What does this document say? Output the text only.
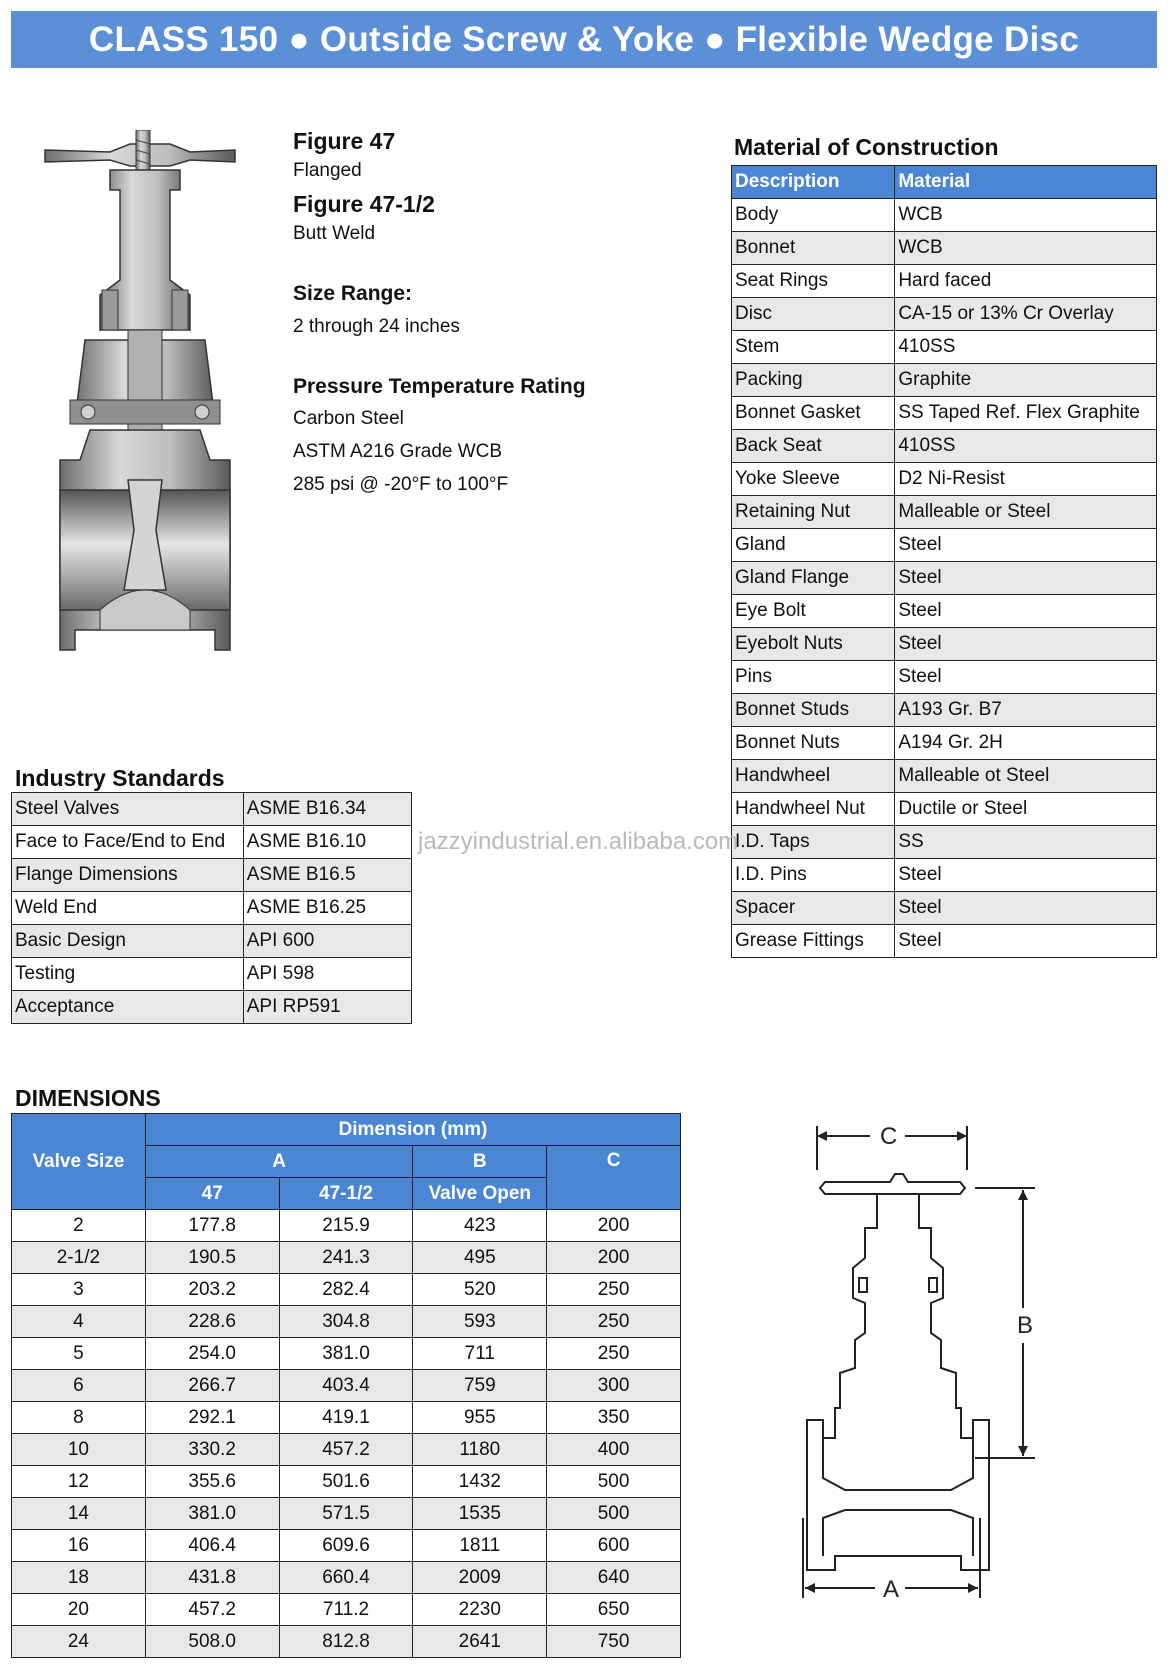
CLASS 150 ● Outside Screw & Yoke ● Flexible Wedge Disc
Figure 47
Flanged
Figure 47-1/2
Butt Weld
Size Range:
2 through 24 inches
Pressure Temperature Rating
Carbon Steel
ASTM A216 Grade WCB
285 psi @ -20°F to 100°F
Material of Construction
Description	Material
Body	WCB
Bonnet	WCB
Seat Rings	Hard faced
Disc	CA-15 or 13% Cr Overlay
Stem	410SS
Packing	Graphite
Bonnet Gasket	SS Taped Ref. Flex Graphite
Back Seat	410SS
Yoke Sleeve	D2 Ni-Resist
Retaining Nut	Malleable or Steel
Gland	Steel
Gland Flange	Steel
Eye Bolt	Steel
Eyebolt Nuts	Steel
Pins	Steel
Bonnet Studs	A193 Gr. B7
Bonnet Nuts	A194 Gr. 2H
Handwheel	Malleable ot Steel
Handwheel Nut	Ductile or Steel
I.D. Taps	SS
I.D. Pins	Steel
Spacer	Steel
Grease Fittings	Steel
jazzyindustrial.en.alibaba.com
Industry Standards
Steel Valves	ASME B16.34
Face to Face/End to End	ASME B16.10
Flange Dimensions	ASME B16.5
Weld End	ASME B16.25
Basic Design	API 600
Testing	API 598
Acceptance	API RP591
DIMENSIONS
Valve Size	Dimension (mm)			
	A		B	C
	47	47-1/2	Valve Open	
2	177.8	215.9	423	200
2-1/2	190.5	241.3	495	200
3	203.2	282.4	520	250
4	228.6	304.8	593	250
5	254.0	381.0	711	250
6	266.7	403.4	759	300
8	292.1	419.1	955	350
10	330.2	457.2	1180	400
12	355.6	501.6	1432	500
14	381.0	571.5	1535	500
16	406.4	609.6	1811	600
18	431.8	660.4	2009	640
20	457.2	711.2	2230	650
24	508.0	812.8	2641	750
C
B
A
